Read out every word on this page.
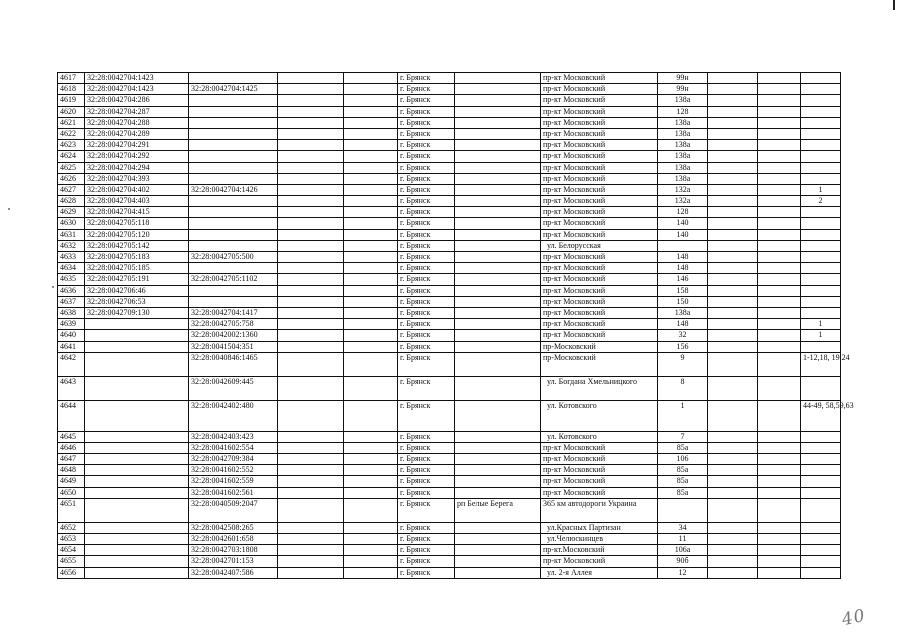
4617	32:28:0042704:1423				г. Брянск		пр-кт Московский	99н			
4618	32:28:0042704:1423	32:28:0042704:1425			г. Брянск		пр-кт Московский	99н			
4619	32:28:0042704:286				г. Брянск		пр-кт Московский	138а			
4620	32:28:0042704:287				г. Брянск		пр-кт Московский	128			
4621	32:28:0042704:288				г. Брянск		пр-кт Московский	138а			
4622	32:28:0042704:289				г. Брянск		пр-кт Московский	138а			
4623	32:28:0042704:291				г. Брянск		пр-кт Московский	138а			
4624	32:28:0042704:292				г. Брянск		пр-кт Московский	138а			
4625	32:28:0042704:294				г. Брянск		пр-кт Московский	138а			
4626	32:28:0042704:393				г. Брянск		пр-кт Московский	138а			
4627	32:28:0042704:402	32:28:0042704:1426			г. Брянск		пр-кт Московский	132а			1
4628	32:28:0042704:403				г. Брянск		пр-кт Московский	132а			2
4629	32:28:0042704:415				г. Брянск		пр-кт Московский	128			
4630	32:28:0042705:118				г. Брянск		пр-кт Московский	140			
4631	32:28:0042705:120				г. Брянск		пр-кт Московский	140			
4632	32:28:0042705:142				г. Брянск		ул. Белорусская				
4633	32:28:0042705:183	32:28:0042705:500			г. Брянск		пр-кт Московский	148			
4634	32:28:0042705:185				г. Брянск		пр-кт Московский	148			
4635	32:28:0042705:191	32:28:0042705:1102			г. Брянск		пр-кт Московский	146			
4636	32:28:0042706:46				г. Брянск		пр-кт Московский	158			
4637	32:28:0042706:53				г. Брянск		пр-кт Московский	150			
4638	32:28:0042709:130	32:28:0042704:1417			г. Брянск		пр-кт Московский	138а			
4639		32:28:0042705:758			г. Брянск		пр-кт Московский	148			1
4640		32:28:0042002:1360			г. Брянск		пр-кт Московский	32			1
4641		32:28:0041504:351			г. Брянск		пр-Московский	156			
4642		32:28:0040846:1465			г. Брянск		пр-Московский	9			1-12,18, 19,24
4643		32:28:0042609:445			г. Брянск		ул. Богдана Хмельницкого	8			
4644		32:28:0042402:480			г. Брянск		ул. Котовского	1			44-49, 58,59,63
4645		32:28:0042403:423			г. Брянск		ул. Котовского	7			
4646		32:28:0041602:554			г. Брянск		пр-кт Московский	85а			
4647		32:28:0042709:384			г. Брянск		пр-кт Московский	106			
4648		32:28:0041602:552			г. Брянск		пр-кт Московский	85а			
4649		32:28:0041602:559			г. Брянск		пр-кт Московский	85а			
4650		32:28:0041602:561			г. Брянск		пр-кт Московский	85а			
4651		32:28:0040509:2047			г. Брянск	рп Белые Берега	365 км автодороги Украина				
4652		32:28:0042508:265			г. Брянск		ул.Красных Партизан	34			
4653		32:28:0042601:658			г. Брянск		ул.Челюскинцев	11			
4654		32:28:0042703:1808			г. Брянск		пр-кт.Московский	106а			
4655		32:28:0042701:153			г. Брянск		пр-кт Московский	90б			
4656		32:28:0042407:586			г. Брянск		ул. 2-я Аллея	12			
40
